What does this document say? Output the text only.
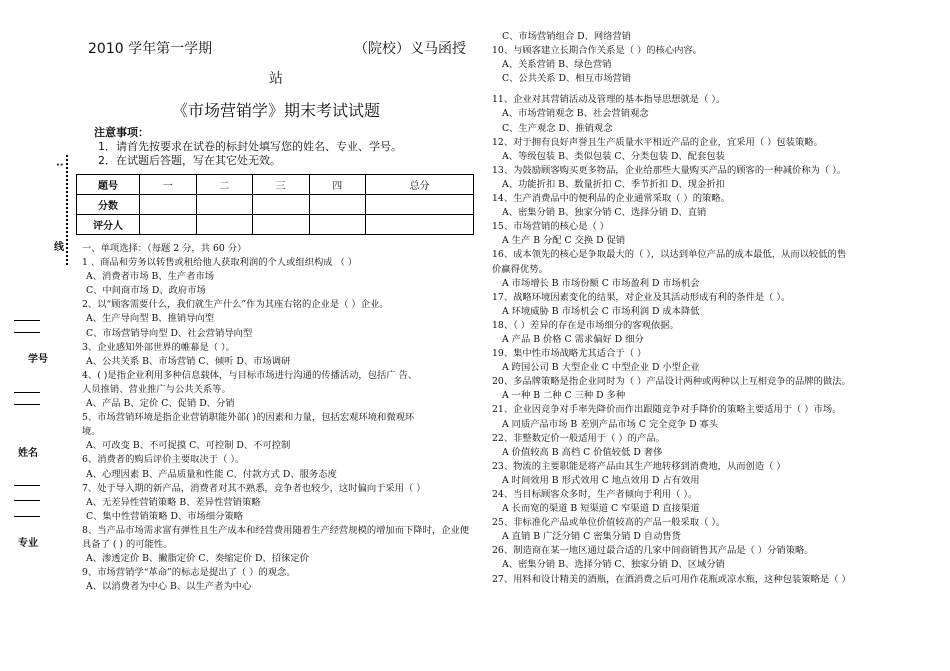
··
线
学号
姓名
专业
2010 学年第一学期	（院校）义马函授
站
《市场营销学》期末考试试题
注意事项：
1．请首先按要求在试卷的标封处填写您的姓名、专业、学号。
2．在试题后答题，写在其它处无效。
题号	一	二	三	四	总分
分数					
评分人					
一、单项选择：（每题 2 分，共 60 分）
1 、商品和劳务以转售或租给他人获取利润的个人或组织构成 （ ）
A、消费者市场 B、生产者市场
C、中间商市场 D、政府市场
2、以“顾客需要什么，我们就生产什么”作为其座右铭的企业是（ ）企业。
A、生产导向型 B、推销导向型
C、市场营销导向型 D、社会营销导向型
3、企业感知外部世界的帷幕是（ ）。
A、公共关系 B、市场营销 C、倾听 D、市场调研
4、( )是指企业利用多种信息载体，与目标市场进行沟通的传播活动，包括广 告、
人员推销、营业推广与公共关系等。
A、产品 B、定价 C、促销 D、分销
5、市场营销环境是指企业营销职能外部( )的因素和力量，包括宏观环境和微观环
境。
A、可改变 B、不可捉摸 C、可控制 D、不可控制
6、消费者的购后评价主要取决于（ ）。
A、心理因素 B、产品质量和性能 C、付款方式 D、服务态度
7、处于导入期的新产品，消费者对其不熟悉，竞争者也较少，这时偏向于采用（ ）
A、无差异性营销策略 B、差异性营销策略
C、集中性营销策略 D、市场细分策略
8、当产品市场需求富有弹性且生产成本和经营费用随着生产经营规模的增加而下降时，企业便
具备了 ( ) 的可能性。
A、渗透定价 B、撇脂定价 C、奏缩定价 D、招徕定价
9、市场营销学“革命”的标志是提出了（ ）的观念。
A、以消费者为中心 B、以生产者为中心
C、市场营销组合 D、网络营销
10、与顾客建立长期合作关系是（ ）的核心内容。
A、关系营销 B、绿色营销
C、公共关系 D、相互市场营销
11、企业对其营销活动及管理的基本指导思想就是（ ）。
A、市场营销观念 B、社会营销观念
C、生产观念 D、推销观念
12、对于拥有良好声誉且生产质量水平相近产品的企业，宜采用（ ）包装策略。
A、等级包装 B、类似包装 C、分类包装 D、配套包装
13、为鼓励顾客购买更多物品，企业给那些大量购买产品的顾客的一种减价称为（ ）。
A、功能折扣 B、数量折扣 C、季节折扣 D、现金折扣
14、生产消费品中的便利品的企业通常采取（ ）的策略。
A、密集分销 B、独家分销 C、选择分销 D、直销
15、市场营销的核心是（ ）
A 生产 B 分配 C 交换 D 促销
16、成本领先的核心是争取最大的（ ），以达到单位产品的成本最低，从而以较低的售
价赢得优势。
A 市场增长 B 市场份额 C 市场盈利 D 市场机会
17、战略环境因素变化的结果，对企业及其活动形成有利的条件是（ ）。
A 环境威胁 B 市场机会 C 市场利润 D 成本降低
18、（ ）差异的存在是市场细分的客观依据。
A 产品 B 价格 C 需求偏好 D 细分
19、集中性市场战略尤其适合于（ ）
A 跨国公司 B 大型企业 C 中型企业 D 小型企业
20、多品牌策略是指企业同时为（ ）产品设计两种或两种以上互相竞争的品牌的做法。
A 一种 B 二种 C 三种 D 多种
21、企业因竞争对手率先降价而作出跟随竞争对手降价的策略主要适用于（ ）市场。
A 同质产品市场 B 差别产品市场 C 完全竞争 D 寡头
22、非整数定价一般适用于（ ）的产品。
A 价值较高 B 高档 C 价值较低 D 奢侈
23、物流的主要职能是将产品由其生产地转移到消费地，从而创造（ ）
A 时间效用 B 形式效用 C 地点效用 D 占有效用
24、当目标顾客众多时，生产者倾向于利用（ ）。
A 长而宽的渠道 B 短渠道 C 窄渠道 D 直接渠道
25、非标准化产品或单位价值较高的产品一般采取（ ）。
A 直销 B 广泛分销 C 密集分销 D 自动售货
26、制造商在某一地区通过最合适的几家中间商销售其产品是（ ）分销策略。
A、密集分销 B、选择分销 C、独家分销 D、区域分销
27、用料和设计精美的酒瓶，在酒消费之后可用作花瓶或凉水瓶，这种包装策略是（ ）
